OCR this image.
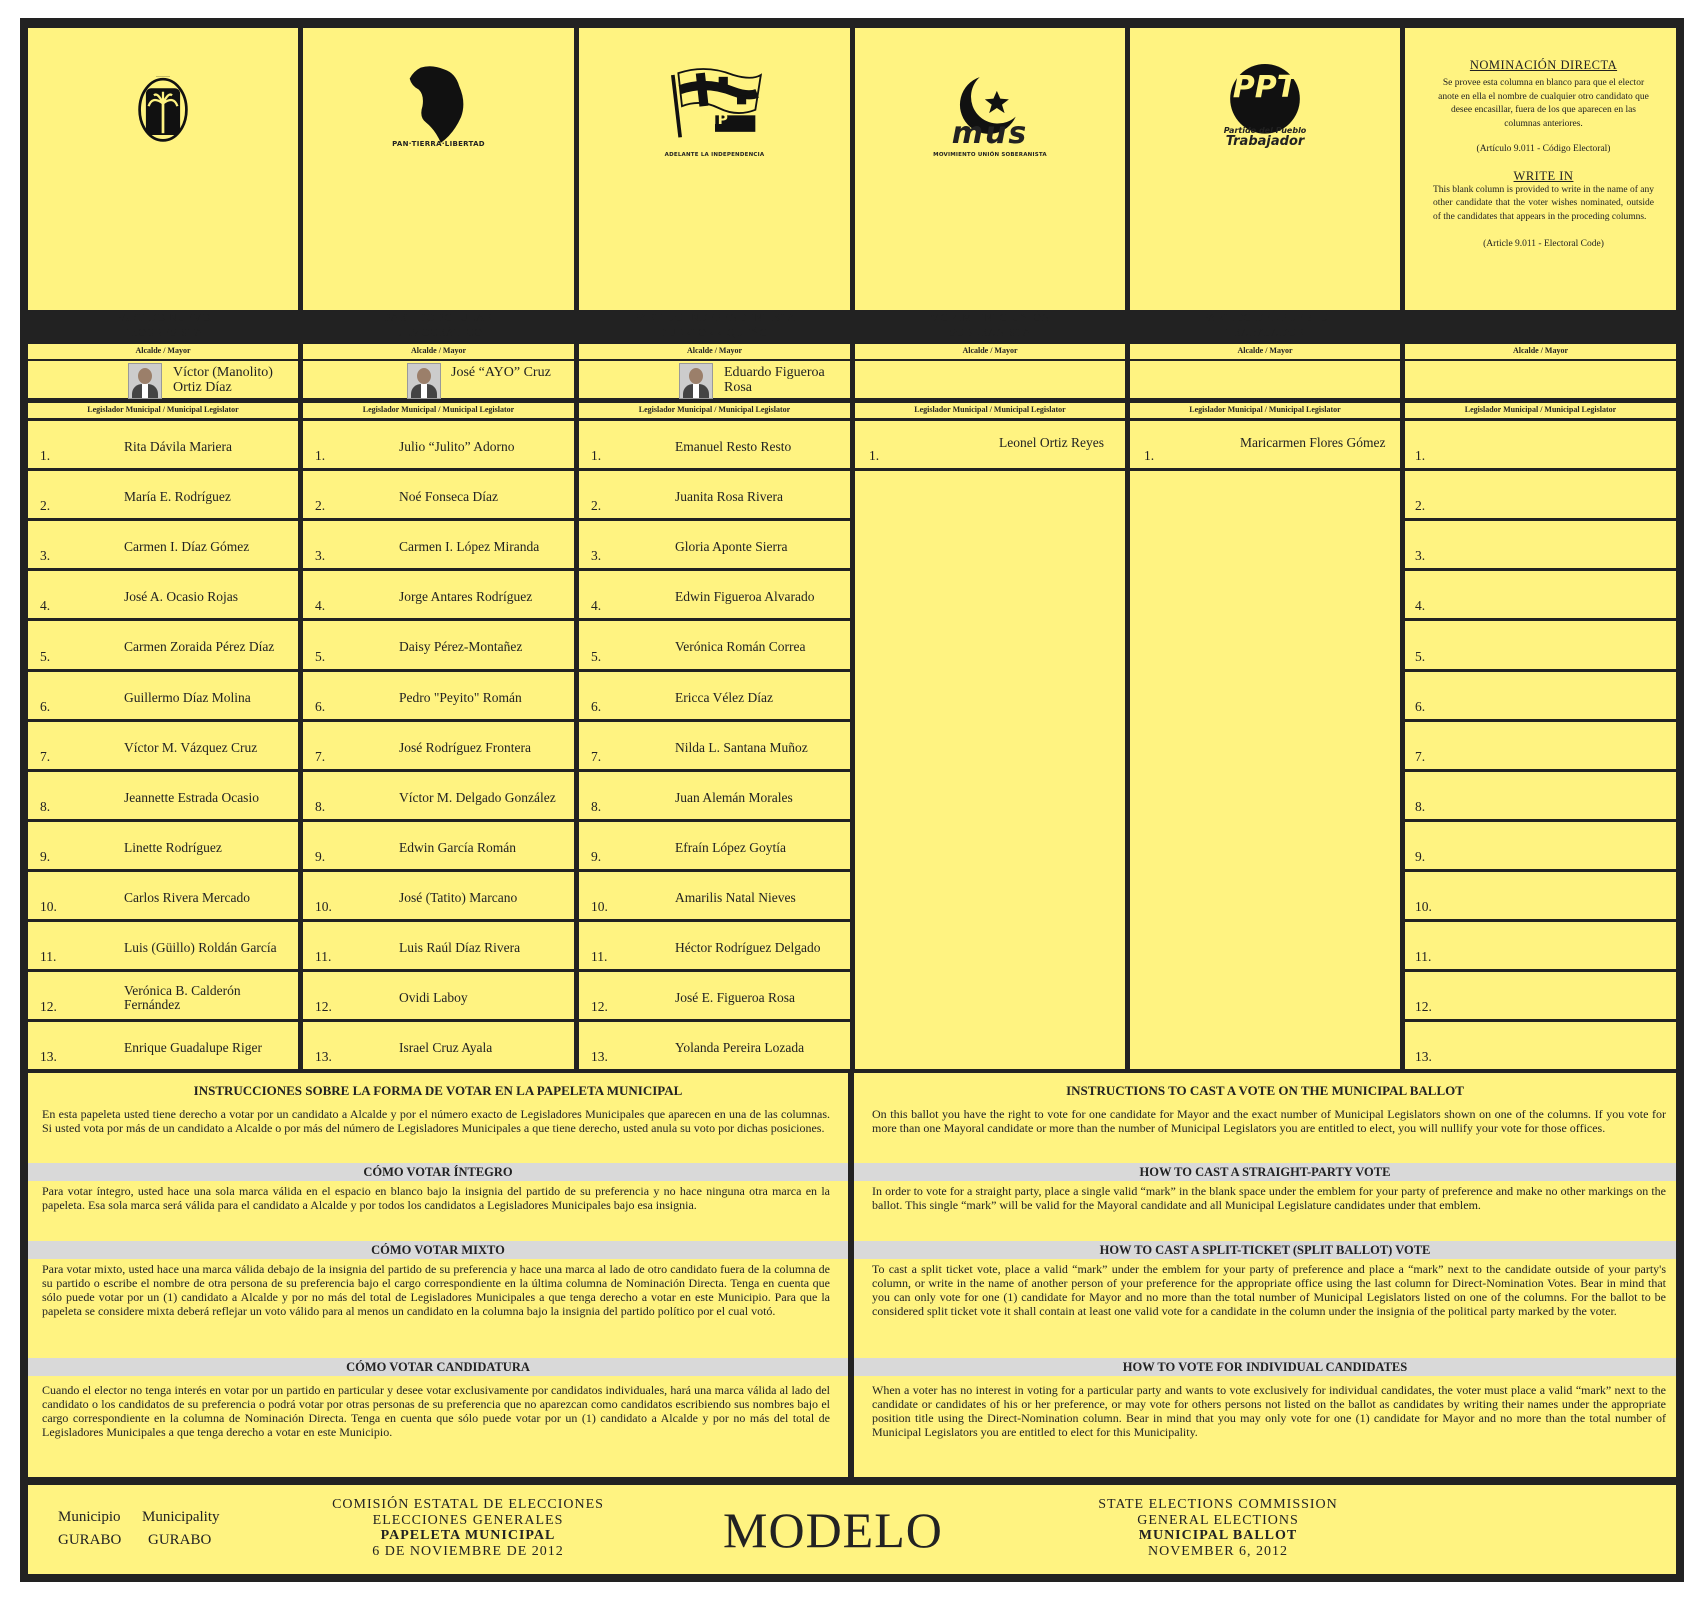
·······
PARTIDO NUEVO
PROGRESISTA
Alcalde / Mayor
Víctor (Manolito)
Ortiz Díaz
Legislador Municipal / Municipal Legislator
1.
Rita Dávila Mariera
2.
María E. Rodríguez
3.
Carmen I. Díaz Gómez
4.
José A. Ocasio Rojas
5.
Carmen Zoraida Pérez Díaz
6.
Guillermo Díaz Molina
7.
Víctor M. Vázquez Cruz
8.
Jeannette Estrada Ocasio
9.
Linette Rodríguez
10.
Carlos Rivera Mercado
11.
Luis (Güillo) Roldán García
12.
Verónica B. Calderón
Fernández
13.
Enrique Guadalupe Riger
PAN·TIERRA·LIBERTAD
PARTIDO POPULAR
DEMOCRÁTICO
Alcalde / Mayor
José “AYO” Cruz
Legislador Municipal / Municipal Legislator
1.
Julio “Julito” Adorno
2.
Noé Fonseca Díaz
3.
Carmen I. López Miranda
4.
Jorge Antares Rodríguez
5.
Daisy Pérez-Montañez
6.
Pedro "Peyito" Román
7.
José Rodríguez Frontera
8.
Víctor M. Delgado González
9.
Edwin García Román
10.
José (Tatito) Marcano
11.
Luis Raúl Díaz Rivera
12.
Ovidi Laboy
13.
Israel Cruz Ayala
PIP
ADELANTE LA INDEPENDENCIA
PARTIDO INDEPENDENTISTA
PUERTORRIQUEÑO
Alcalde / Mayor
Eduardo Figueroa
Rosa
Legislador Municipal / Municipal Legislator
1.
Emanuel Resto Resto
2.
Juanita Rosa Rivera
3.
Gloria Aponte Sierra
4.
Edwin Figueroa Alvarado
5.
Verónica Román Correa
6.
Ericca Vélez Díaz
7.
Nilda L. Santana Muñoz
8.
Juan Alemán Morales
9.
Efraín López Goytía
10.
Amarilis Natal Nieves
11.
Héctor Rodríguez Delgado
12.
José E. Figueroa Rosa
13.
Yolanda Pereira Lozada
mus
MOVIMIENTO UNIÓN SOBERANISTA
MOVIMIENTO UNIÓN
SOBERANISTA
Alcalde / Mayor
Legislador Municipal / Municipal Legislator
1.
Leonel Ortiz Reyes
PPT
Partido del Pueblo
Trabajador
PARTIDO DEL PUEBLO
TRABAJADOR
Alcalde / Mayor
Legislador Municipal / Municipal Legislator
1.
Maricarmen Flores Gómez
NOMINACIÓN DIRECTA
Se provee esta columna en blanco para que el elector anote en ella el nombre de cualquier otro candidato que desee encasillar, fuera de los que aparecen en las columnas anteriores.
(Artículo 9.011 - Código Electoral)
WRITE IN
This blank column is provided to write in the name of any other candidate that the voter wishes nominated, outside of the candidates that appears in the proceding columns.
(Article 9.011 - Electoral Code)
Alcalde / Mayor
Legislador Municipal / Municipal Legislator
1.
2.
3.
4.
5.
6.
7.
8.
9.
10.
11.
12.
13.
INSTRUCCIONES SOBRE LA FORMA DE VOTAR EN LA PAPELETA MUNICIPAL
En esta papeleta usted tiene derecho a votar por un candidato a Alcalde y por el número exacto de Legisladores Municipales que aparecen en una de las columnas. Si usted vota por más de un candidato a Alcalde o por más del número de Legisladores Municipales a que tiene derecho, usted anula su voto por dichas posiciones.
CÓMO VOTAR ÍNTEGRO
Para votar íntegro, usted hace una sola marca válida en el espacio en blanco bajo la insignia del partido de su preferencia y no hace ninguna otra marca en la papeleta. Esa sola marca será válida para el candidato a Alcalde y por todos los candidatos a Legisladores Municipales bajo esa insignia.
CÓMO VOTAR MIXTO
Para votar mixto, usted hace una marca válida debajo de la insignia del partido de su preferencia y hace una marca al lado de otro candidato fuera de la columna de su partido o escribe el nombre de otra persona de su preferencia bajo el cargo correspondiente en la última columna de Nominación Directa. Tenga en cuenta que sólo puede votar por un (1) candidato a Alcalde y por no más del total de Legisladores Municipales a que tenga derecho a votar en este Municipio. Para que la papeleta se considere mixta deberá reflejar un voto válido para al menos un candidato en la columna bajo la insignia del partido político por el cual votó.
CÓMO VOTAR CANDIDATURA
Cuando el elector no tenga interés en votar por un partido en particular y desee votar exclusivamente por candidatos individuales, hará una marca válida al lado del candidato o los candidatos de su preferencia o podrá votar por otras personas de su preferencia que no aparezcan como candidatos escribiendo sus nombres bajo el cargo correspondiente en la columna de Nominación Directa. Tenga en cuenta que sólo puede votar por un (1) candidato a Alcalde y por no más del total de Legisladores Municipales a que tenga derecho a votar en este Municipio.
INSTRUCTIONS TO CAST A VOTE ON THE MUNICIPAL BALLOT
On this ballot you have the right to vote for one candidate for Mayor and the exact number of Municipal Legislators shown on one of the columns. If you vote for more than one Mayoral candidate or more than the number of Municipal Legislators you are entitled to elect, you will nullify your vote for those offices.
HOW TO CAST A STRAIGHT-PARTY VOTE
In order to vote for a straight party, place a single valid “mark” in the blank space under the emblem for your party of preference and make no other markings on the ballot. This single “mark” will be valid for the Mayoral candidate and all Municipal Legislature candidates under that emblem.
HOW TO CAST A SPLIT-TICKET (SPLIT BALLOT) VOTE
To cast a split ticket vote, place a valid “mark” under the emblem for your party of preference and place a “mark” next to the candidate outside of your party's column, or write in the name of another person of your preference for the appropriate office using the last column for Direct-Nomination Votes. Bear in mind that you can only vote for one (1) candidate for Mayor and no more than the total number of Municipal Legislators listed on one of the columns. For the ballot to be considered split ticket vote it shall contain at least one valid vote for a candidate in the column under the insignia of the political party marked by the voter.
HOW TO VOTE FOR INDIVIDUAL CANDIDATES
When a voter has no interest in voting for a particular party and wants to vote exclusively for individual candidates, the voter must place a valid “mark” next to the candidate or candidates of his or her preference, or may vote for others persons not listed on the ballot as candidates by writing their names under the appropriate position title using the Direct-Nomination column. Bear in mind that you may only vote for one (1) candidate for Mayor and no more than the total number of Municipal Legislators you are entitled to elect for this Municipality.
Municipio Municipality
GURABO GURABO
COMISIÓN ESTATAL DE ELECCIONES
ELECCIONES GENERALES
PAPELETA MUNICIPAL
6 DE NOVIEMBRE DE 2012	MODELO	STATE ELECTIONS COMMISSION
GENERAL ELECTIONS
MUNICIPAL BALLOT
NOVEMBER 6, 2012
